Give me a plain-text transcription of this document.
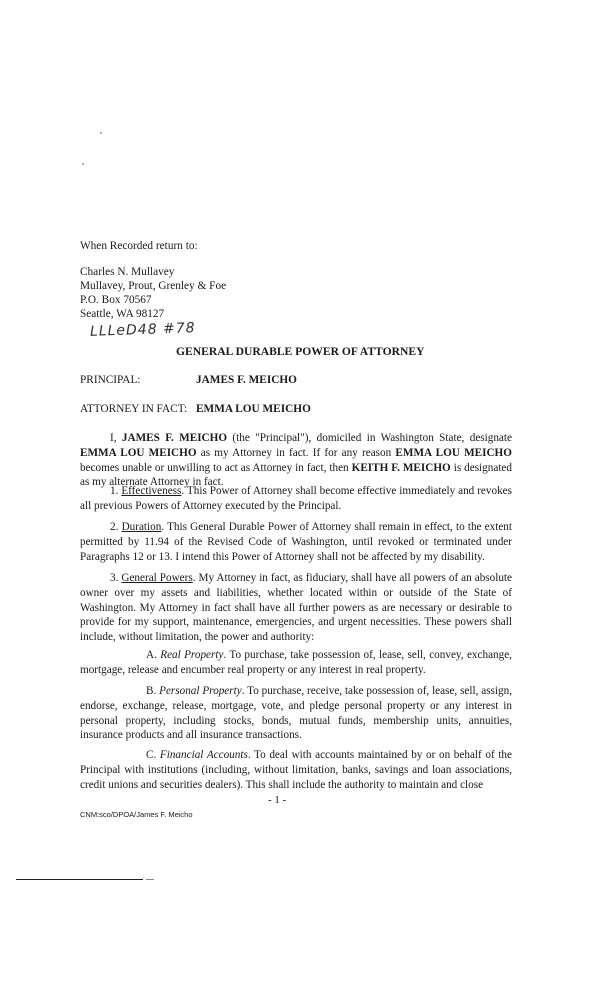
When Recorded return to:
Charles N. Mullavey
Mullavey, Prout, Grenley & Foe
P.O. Box 70567
Seattle, WA 98127
LLLeD48 #78
GENERAL DURABLE POWER OF ATTORNEY
PRINCIPAL:	JAMES F. MEICHO
ATTORNEY IN FACT: EMMA LOU MEICHO
I, JAMES F. MEICHO (the "Principal"), domiciled in Washington State, designate EMMA LOU MEICHO as my Attorney in fact. If for any reason EMMA LOU MEICHO becomes unable or unwilling to act as Attorney in fact, then KEITH F. MEICHO is designated as my alternate Attorney in fact.
1. Effectiveness. This Power of Attorney shall become effective immediately and revokes all previous Powers of Attorney executed by the Principal.
2. Duration. This General Durable Power of Attorney shall remain in effect, to the extent permitted by 11.94 of the Revised Code of Washington, until revoked or terminated under Paragraphs 12 or 13. I intend this Power of Attorney shall not be affected by my disability.
3. General Powers. My Attorney in fact, as fiduciary, shall have all powers of an absolute owner over my assets and liabilities, whether located within or outside of the State of Washington. My Attorney in fact shall have all further powers as are necessary or desirable to provide for my support, maintenance, emergencies, and urgent necessities. These powers shall include, without limitation, the power and authority:
A. Real Property. To purchase, take possession of, lease, sell, convey, exchange, mortgage, release and encumber real property or any interest in real property.
B. Personal Property. To purchase, receive, take possession of, lease, sell, assign, endorse, exchange, release, mortgage, vote, and pledge personal property or any interest in personal property, including stocks, bonds, mutual funds, membership units, annuities, insurance products and all insurance transactions.
C. Financial Accounts. To deal with accounts maintained by or on behalf of the Principal with institutions (including, without limitation, banks, savings and loan associations, credit unions and securities dealers). This shall include the authority to maintain and close
- 1 -
CNM:sco/DPOA/James F. Meicho
